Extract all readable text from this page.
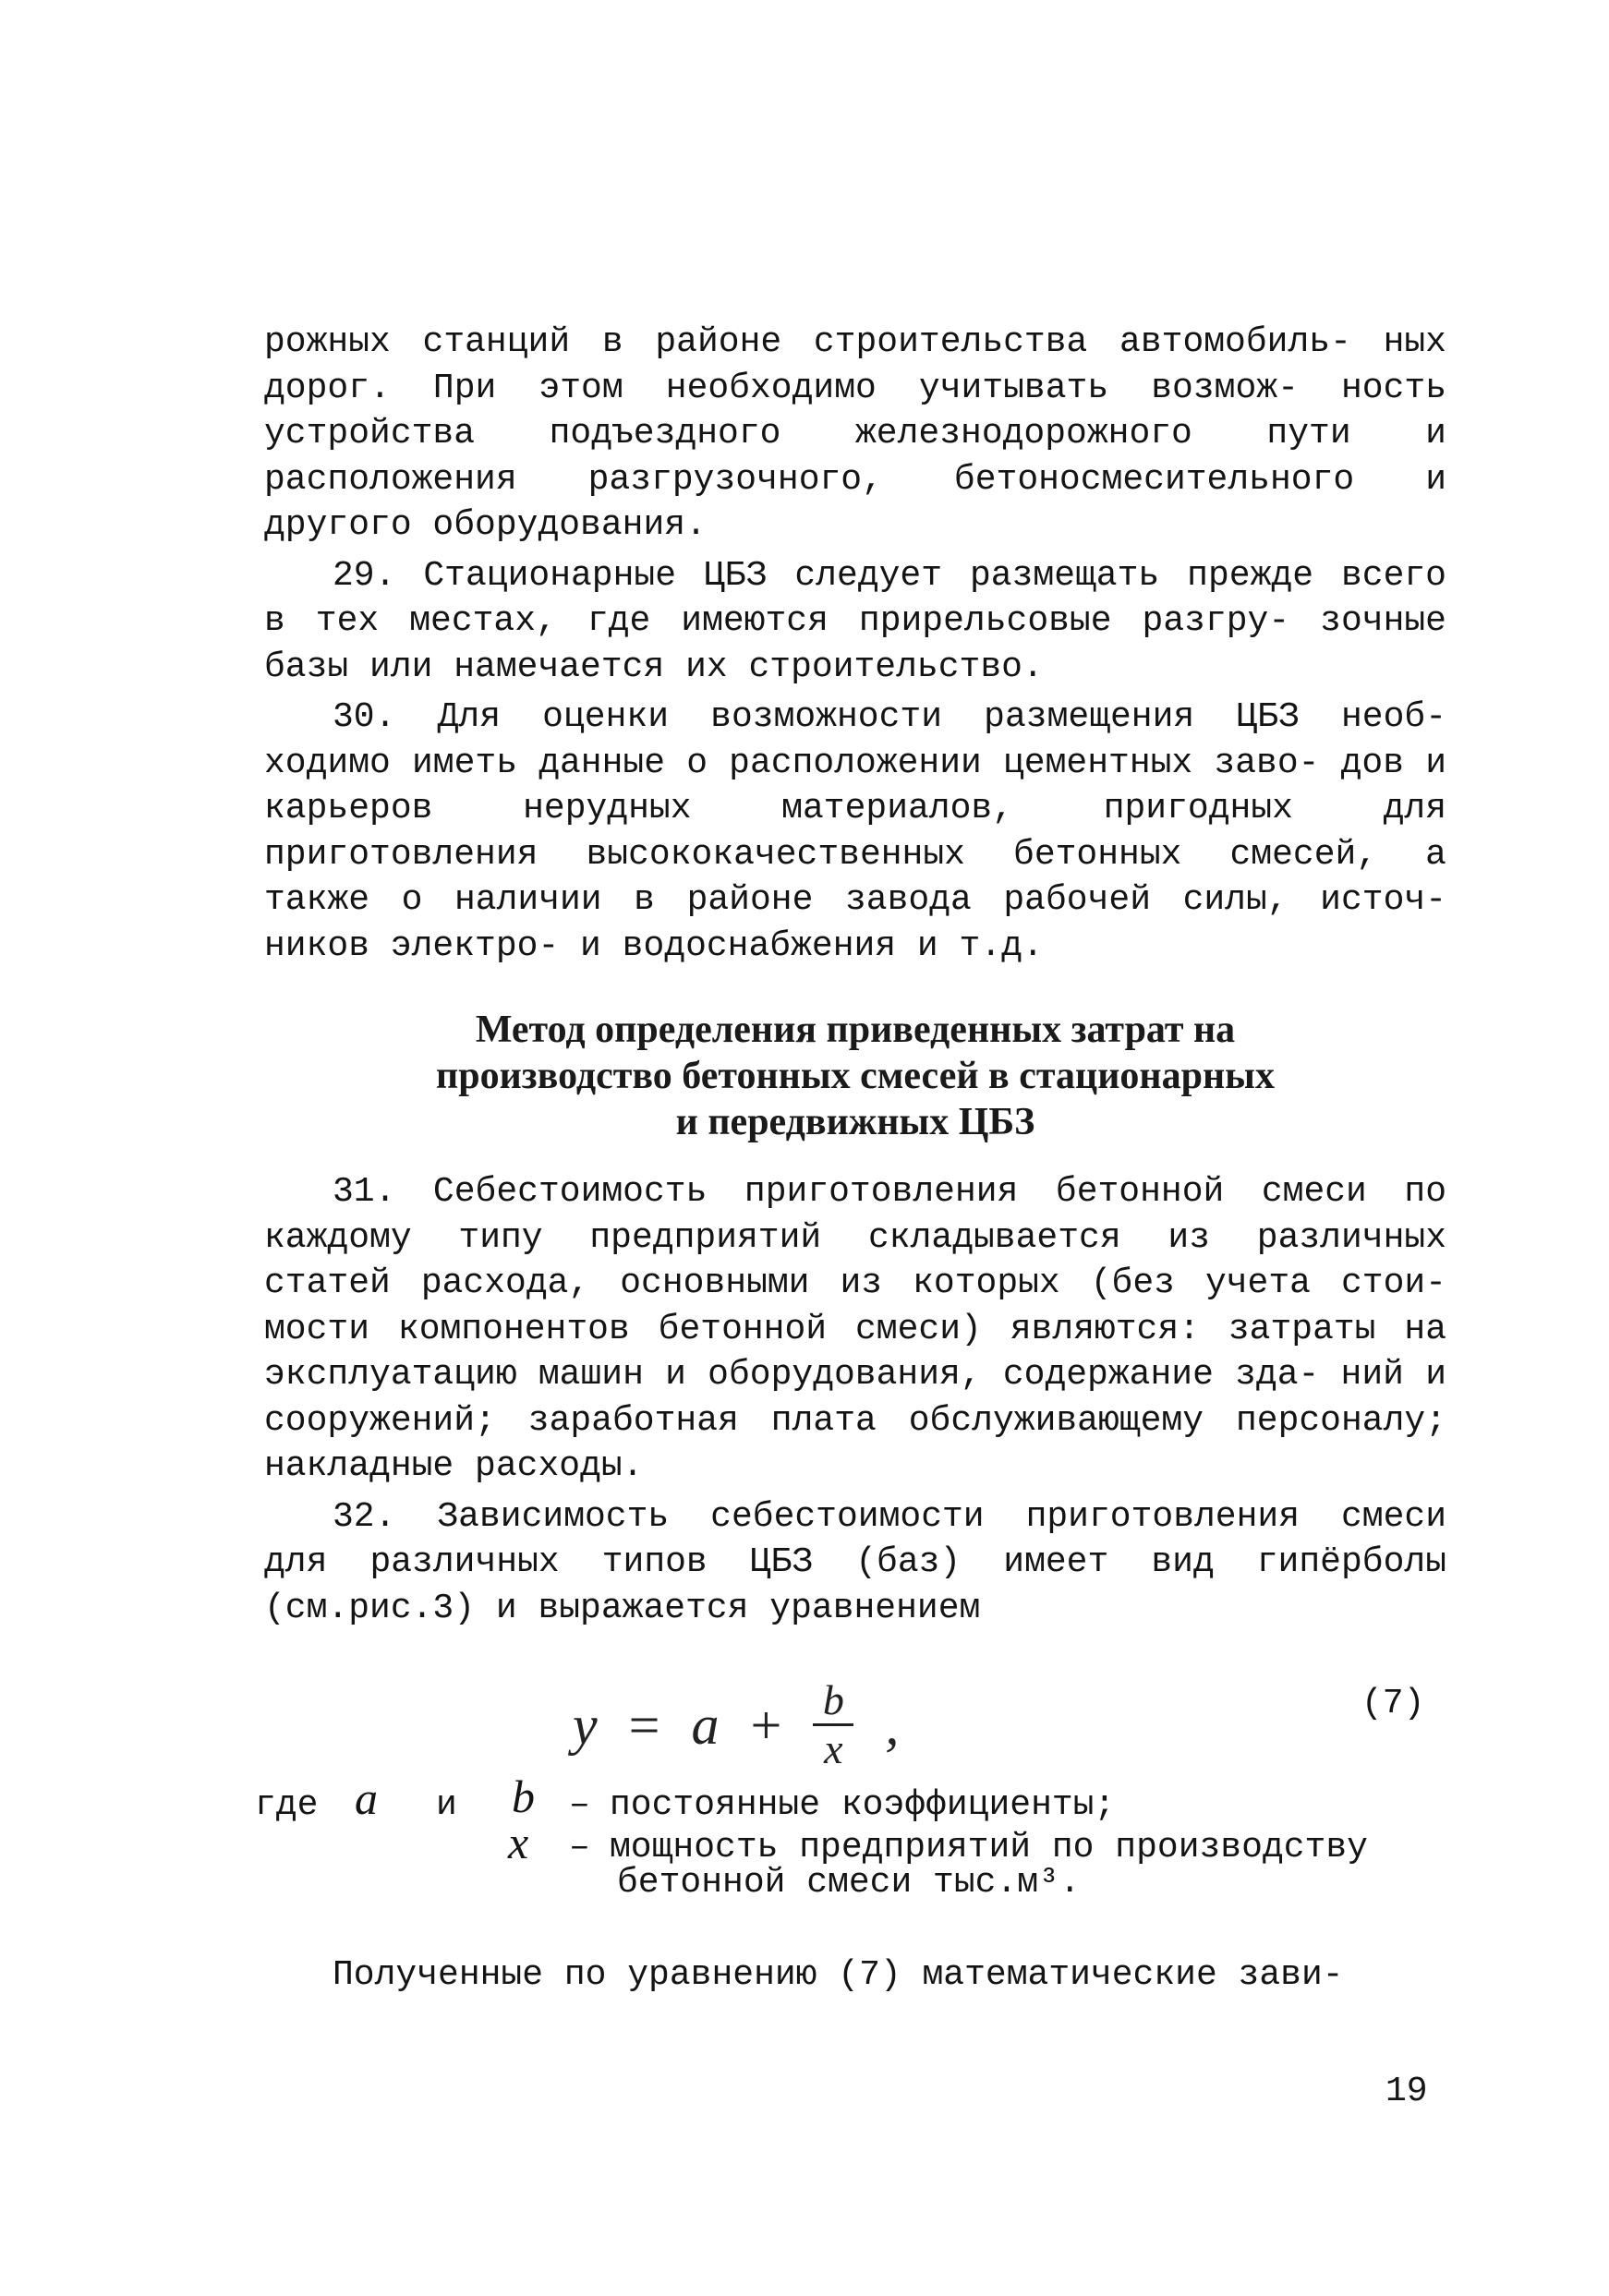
рожных станций в районе строительства автомобиль- ных дорог. При этом необходимо учитывать возмож- ность устройства подъездного железнодорожного пути и расположения разгрузочного, бетоносмесительного и другого оборудования.

29. Стационарные ЦБЗ следует размещать прежде всего в тех местах, где имеются прирельсовые разгру- зочные базы или намечается их строительство.

30. Для оценки возможности размещения ЦБЗ необ- ходимо иметь данные о расположении цементных заво- дов и карьеров нерудных материалов, пригодных для приготовления высококачественных бетонных смесей, а также о наличии в районе завода рабочей силы, источ- ников электро- и водоснабжения и т.д.

Метод определения приведенных затрат на
производство бетонных смесей в стационарных
и передвижных ЦБЗ

31. Себестоимость приготовления бетонной смеси по каждому типу предприятий складывается из различных статей расхода, основными из которых (без учета стои- мости компонентов бетонной смеси) являются: затраты на эксплуатацию машин и оборудования, содержание зда- ний и сооружений; заработная плата обслуживающему персоналу; накладные расходы.

32. Зависимость себестоимости приготовления смеси для различных типов ЦБЗ (баз) имеет вид гипёрболы (см.рис.3) и выражается уравнением

$y = a + \frac{b}{x}$ ,	(7)
где a и b – постоянные коэффициенты;
x – мощность предприятий по производству
бетонной смеси тыс.м³.
Полученные по уравнению (7) математические зави-
19
